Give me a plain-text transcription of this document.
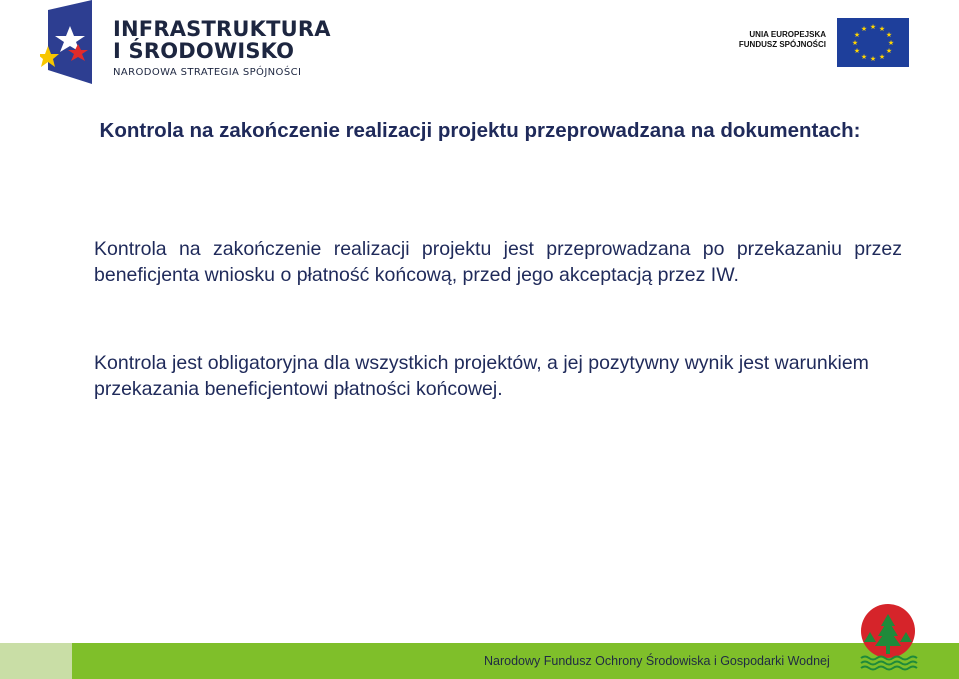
INFRASTRUKTURA
I ŚRODOWISKO
NARODOWA STRATEGIA SPÓJNOŚCI
UNIA EUROPEJSKA
FUNDUSZ SPÓJNOŚCI
★ ★
★
★
★
★
★
★
★
★
★
★
Kontrola na zakończenie realizacji projektu przeprowadzana na dokumentach:
Kontrola na zakończenie realizacji projektu jest przeprowadzana po przekazaniu przez beneficjenta wniosku o płatność końcową, przed jego akceptacją przez IW.
Kontrola jest obligatoryjna dla wszystkich projektów, a jej pozytywny wynik jest warunkiem przekazania beneficjentowi płatności końcowej.
Narodowy Fundusz Ochrony Środowiska i Gospodarki Wodnej
